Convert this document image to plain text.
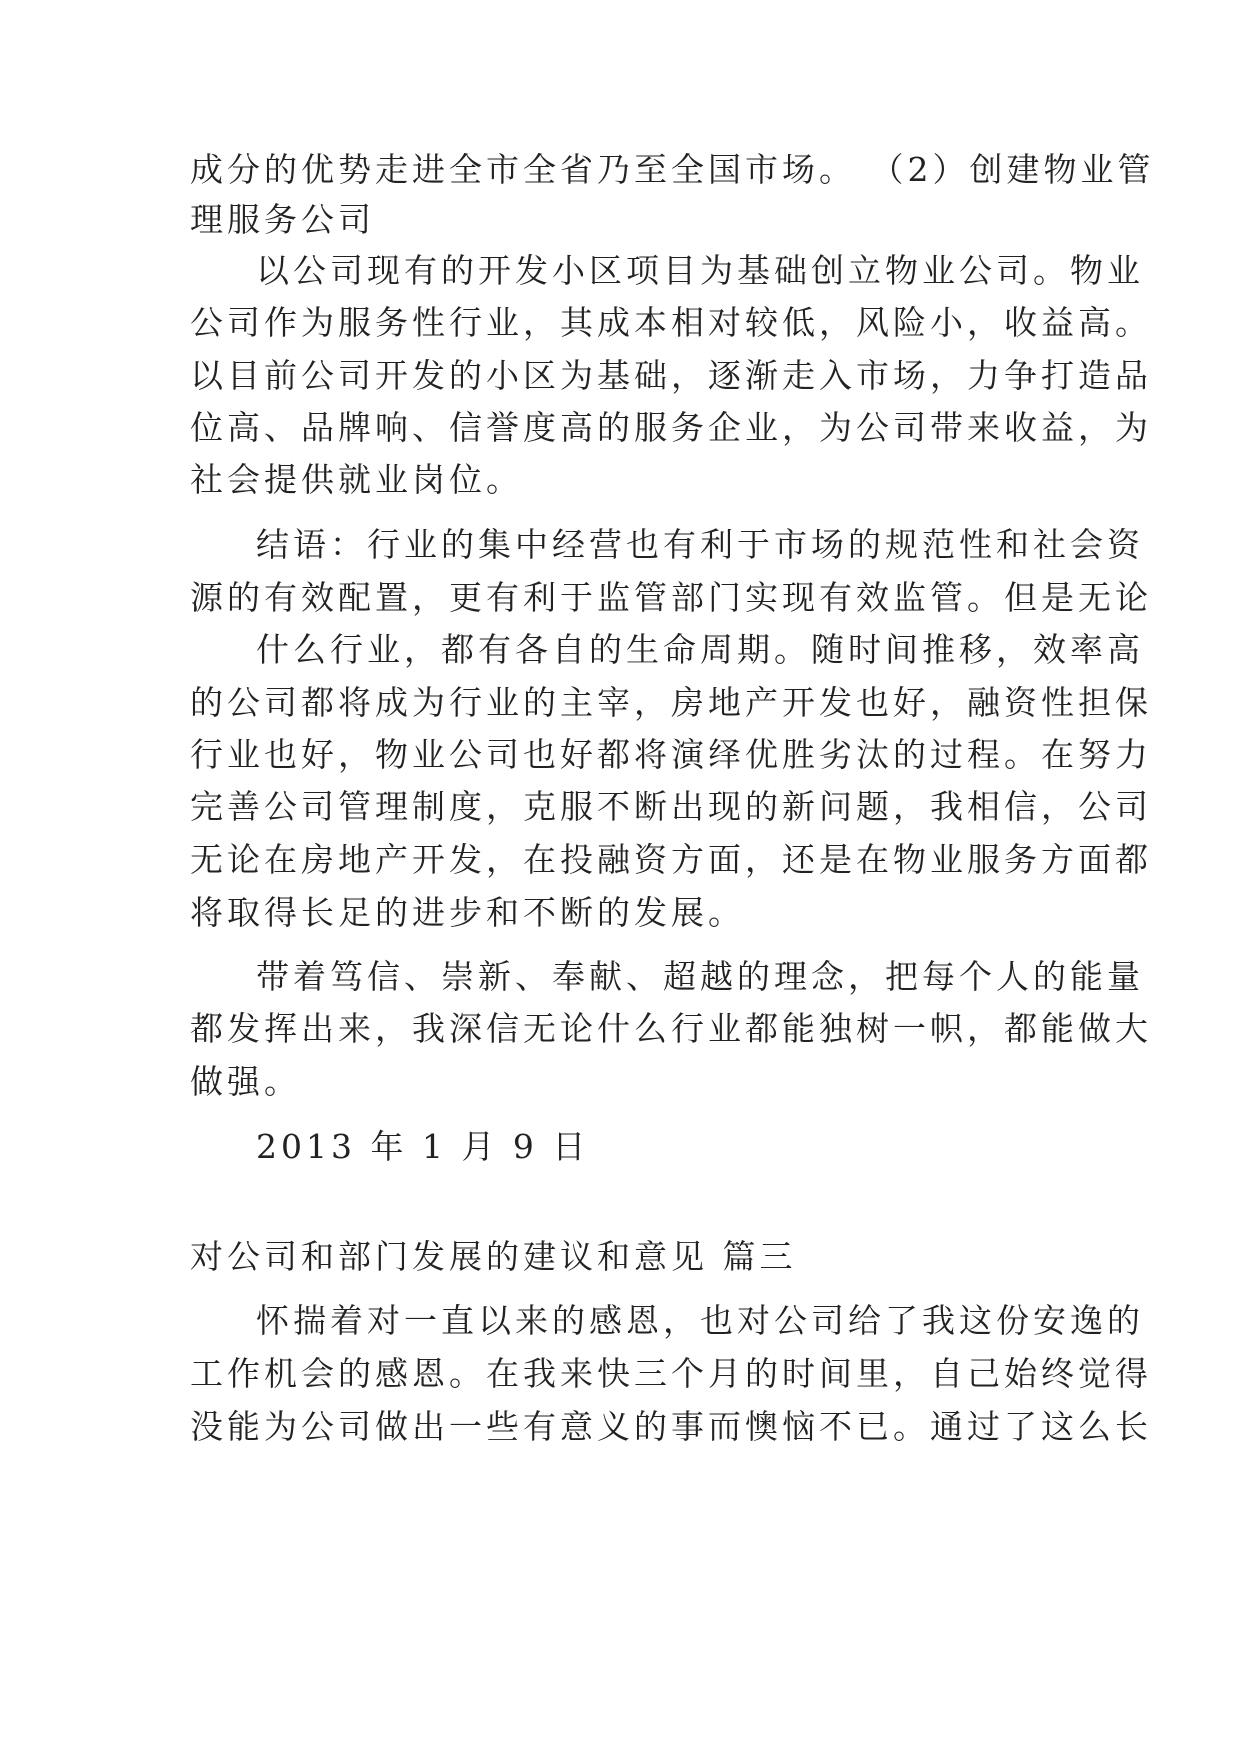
成分的优势走进全市全省乃至全国市场。 （2）创建物业管
理服务公司
以公司现有的开发小区项目为基础创立物业公司。物业
公司作为服务性行业，其成本相对较低，风险小，收益高。
以目前公司开发的小区为基础，逐渐走入市场，力争打造品
位高、品牌响、信誉度高的服务企业，为公司带来收益，为
社会提供就业岗位。
结语：行业的集中经营也有利于市场的规范性和社会资
源的有效配置，更有利于监管部门实现有效监管。但是无论
什么行业，都有各自的生命周期。随时间推移，效率高
的公司都将成为行业的主宰，房地产开发也好，融资性担保
行业也好，物业公司也好都将演绎优胜劣汰的过程。在努力
完善公司管理制度，克服不断出现的新问题，我相信，公司
无论在房地产开发，在投融资方面，还是在物业服务方面都
将取得长足的进步和不断的发展。
带着笃信、崇新、奉献、超越的理念，把每个人的能量
都发挥出来，我深信无论什么行业都能独树一帜，都能做大
做强。
2013 年 1 月 9 日
对公司和部门发展的建议和意见 篇三
怀揣着对一直以来的感恩，也对公司给了我这份安逸的
工作机会的感恩。在我来快三个月的时间里，自己始终觉得
没能为公司做出一些有意义的事而懊恼不已。通过了这么长
